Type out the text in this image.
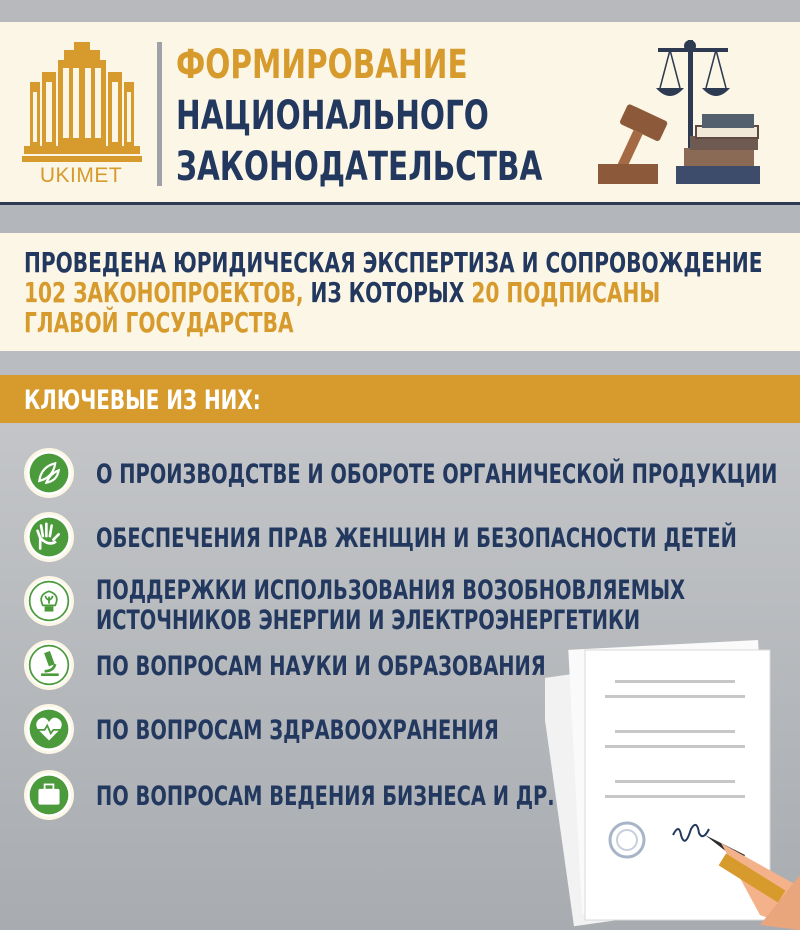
UKIMET
ФОРМИРОВАНИЕ
НАЦИОНАЛЬНОГО
ЗАКОНОДАТЕЛЬСТВА
ПРОВЕДЕНА ЮРИДИЧЕСКАЯ ЭКСПЕРТИЗА И СОПРОВОЖДЕНИЕ
102 ЗАКОНОПРОЕКТОВ, ИЗ КОТОРЫХ 20 ПОДПИСАНЫ
ГЛАВОЙ ГОСУДАРСТВА
КЛЮЧЕВЫЕ ИЗ НИХ:
О ПРОИЗВОДСТВЕ И ОБОРОТЕ ОРГАНИЧЕСКОЙ ПРОДУКЦИИ
ОБЕСПЕЧЕНИЯ ПРАВ ЖЕНЩИН И БЕЗОПАСНОСТИ ДЕТЕЙ
ПОДДЕРЖКИ ИСПОЛЬЗОВАНИЯ ВОЗОБНОВЛЯЕМЫХ
ИСТОЧНИКОВ ЭНЕРГИИ И ЭЛЕКТРОЭНЕРГЕТИКИ
ПО ВОПРОСАМ НАУКИ И ОБРАЗОВАНИЯ
ПО ВОПРОСАМ ЗДРАВООХРАНЕНИЯ
ПО ВОПРОСАМ ВЕДЕНИЯ БИЗНЕСА И ДР.
